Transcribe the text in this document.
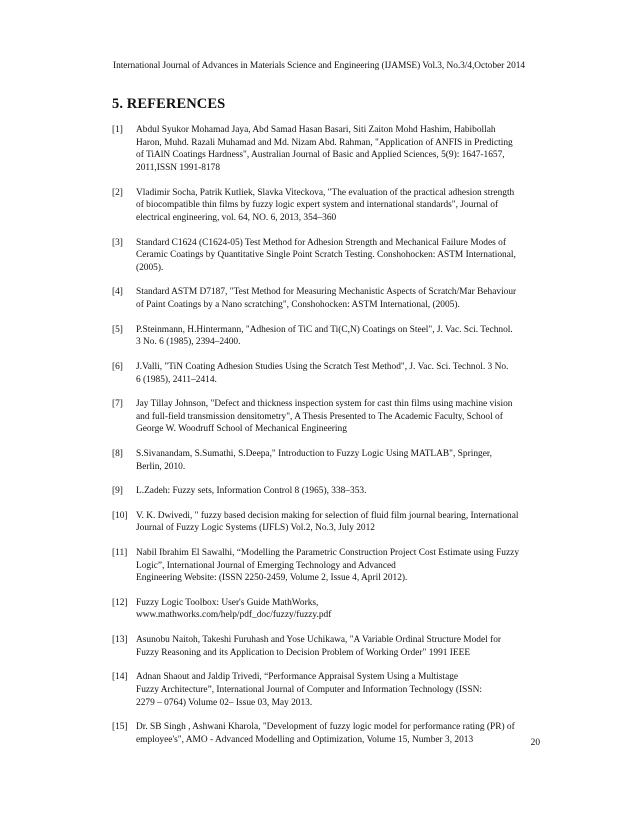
International Journal of Advances in Materials Science and Engineering (IJAMSE) Vol.3, No.3/4,October 2014
5. REFERENCES
[1] Abdul Syukor Mohamad Jaya, Abd Samad Hasan Basari, Siti Zaiton Mohd Hashim, Habibollah
Haron, Muhd. Razali Muhamad and Md. Nizam Abd. Rahman, "Application of ANFIS in Predicting
of TiAlN Coatings Hardness", Australian Journal of Basic and Applied Sciences, 5(9): 1647-1657,
2011,ISSN 1991-8178
[2] Vladimir Socha, Patrik Kutliek, Slavka Viteckova, "The evaluation of the practical adhesion strength
of biocompatible thin films by fuzzy logic expert system and international standards", Journal of
electrical engineering, vol. 64, NO. 6, 2013, 354–360
[3] Standard C1624 (C1624-05) Test Method for Adhesion Strength and Mechanical Failure Modes of
Ceramic Coatings by Quantitative Single Point Scratch Testing. Conshohocken: ASTM International,
(2005).
[4] Standard ASTM D7187, "Test Method for Measuring Mechanistic Aspects of Scratch/Mar Behaviour
of Paint Coatings by a Nano scratching", Conshohocken: ASTM International, (2005).
[5] P.Steinmann, H.Hintermann, "Adhesion of TiC and Ti(C,N) Coatings on Steel", J. Vac. Sci. Technol.
3 No. 6 (1985), 2394–2400.
[6] J.Valli, "TiN Coating Adhesion Studies Using the Scratch Test Method", J. Vac. Sci. Technol. 3 No.
6 (1985), 2411–2414.
[7] Jay Tillay Johnson, "Defect and thickness inspection system for cast thin films using machine vision
and full-field transmission densitometry", A Thesis Presented to The Academic Faculty, School of
George W. Woodruff School of Mechanical Engineering
[8] S.Sivanandam, S.Sumathi, S.Deepa," Introduction to Fuzzy Logic Using MATLAB", Springer,
Berlin, 2010.
[9] L.Zadeh: Fuzzy sets, Information Control 8 (1965), 338–353.
[10] V. K. Dwivedi, " fuzzy based decision making for selection of fluid film journal bearing, International
Journal of Fuzzy Logic Systems (IJFLS) Vol.2, No.3, July 2012
[11] Nabil Ibrahim El Sawalhi, “Modelling the Parametric Construction Project Cost Estimate using Fuzzy
Logic”, International Journal of Emerging Technology and Advanced
Engineering Website: (ISSN 2250-2459, Volume 2, Issue 4, April 2012).
[12] Fuzzy Logic Toolbox: User's Guide MathWorks,
www.mathworks.com/help/pdf_doc/fuzzy/fuzzy.pdf
[13] Asunobu Naitoh, Takeshi Furuhash and Yose Uchikawa, "A Variable Ordinal Structure Model for
Fuzzy Reasoning and its Application to Decision Problem of Working Order" 1991 IEEE
[14] Adnan Shaout and Jaldip Trivedi, “Performance Appraisal System Using a Multistage
Fuzzy Architecture”, International Journal of Computer and Information Technology (ISSN:
2279 – 0764) Volume 02– Issue 03, May 2013.
[15] Dr. SB Singh , Ashwani Kharola, "Development of fuzzy logic model for performance rating (PR) of
employee's", AMO - Advanced Modelling and Optimization, Volume 15, Number 3, 2013	20
